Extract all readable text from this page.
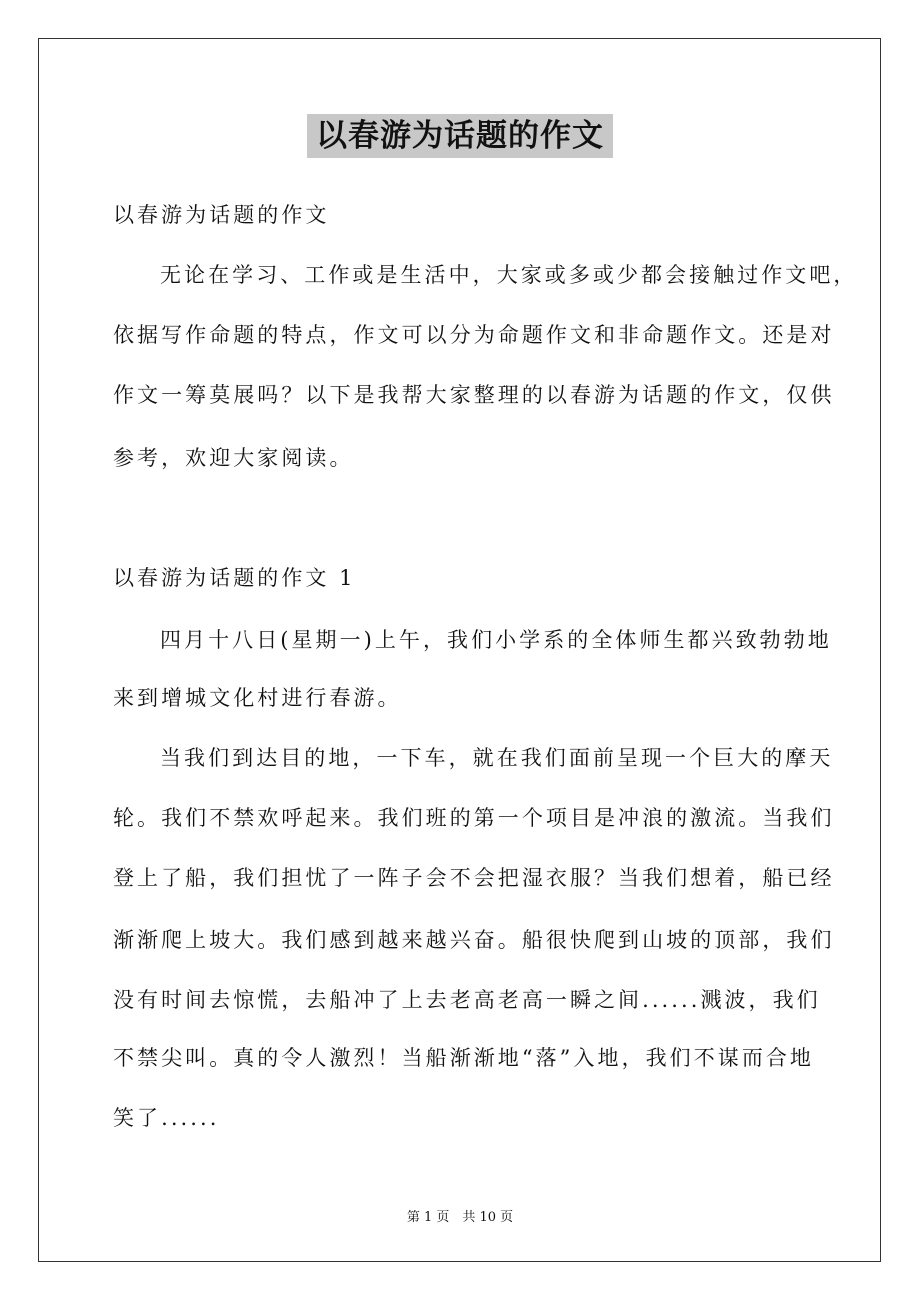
以春游为话题的作文
以春游为话题的作文
无论在学习、工作或是生活中，大家或多或少都会接触过作文吧，
依据写作命题的特点，作文可以分为命题作文和非命题作文。还是对
作文一筹莫展吗？以下是我帮大家整理的以春游为话题的作文，仅供
参考，欢迎大家阅读。
以春游为话题的作文 1
四月十八日(星期一)上午，我们小学系的全体师生都兴致勃勃地
来到增城文化村进行春游。
当我们到达目的地，一下车，就在我们面前呈现一个巨大的摩天
轮。我们不禁欢呼起来。我们班的第一个项目是冲浪的激流。当我们
登上了船，我们担忧了一阵子会不会把湿衣服？当我们想着，船已经
渐渐爬上坡大。我们感到越来越兴奋。船很快爬到山坡的顶部，我们
没有时间去惊慌，去船冲了上去老高老高一瞬之间......溅波，我们
不禁尖叫。真的令人激烈！当船渐渐地“落”入地，我们不谋而合地
笑了......
第 1 页　共 10 页
